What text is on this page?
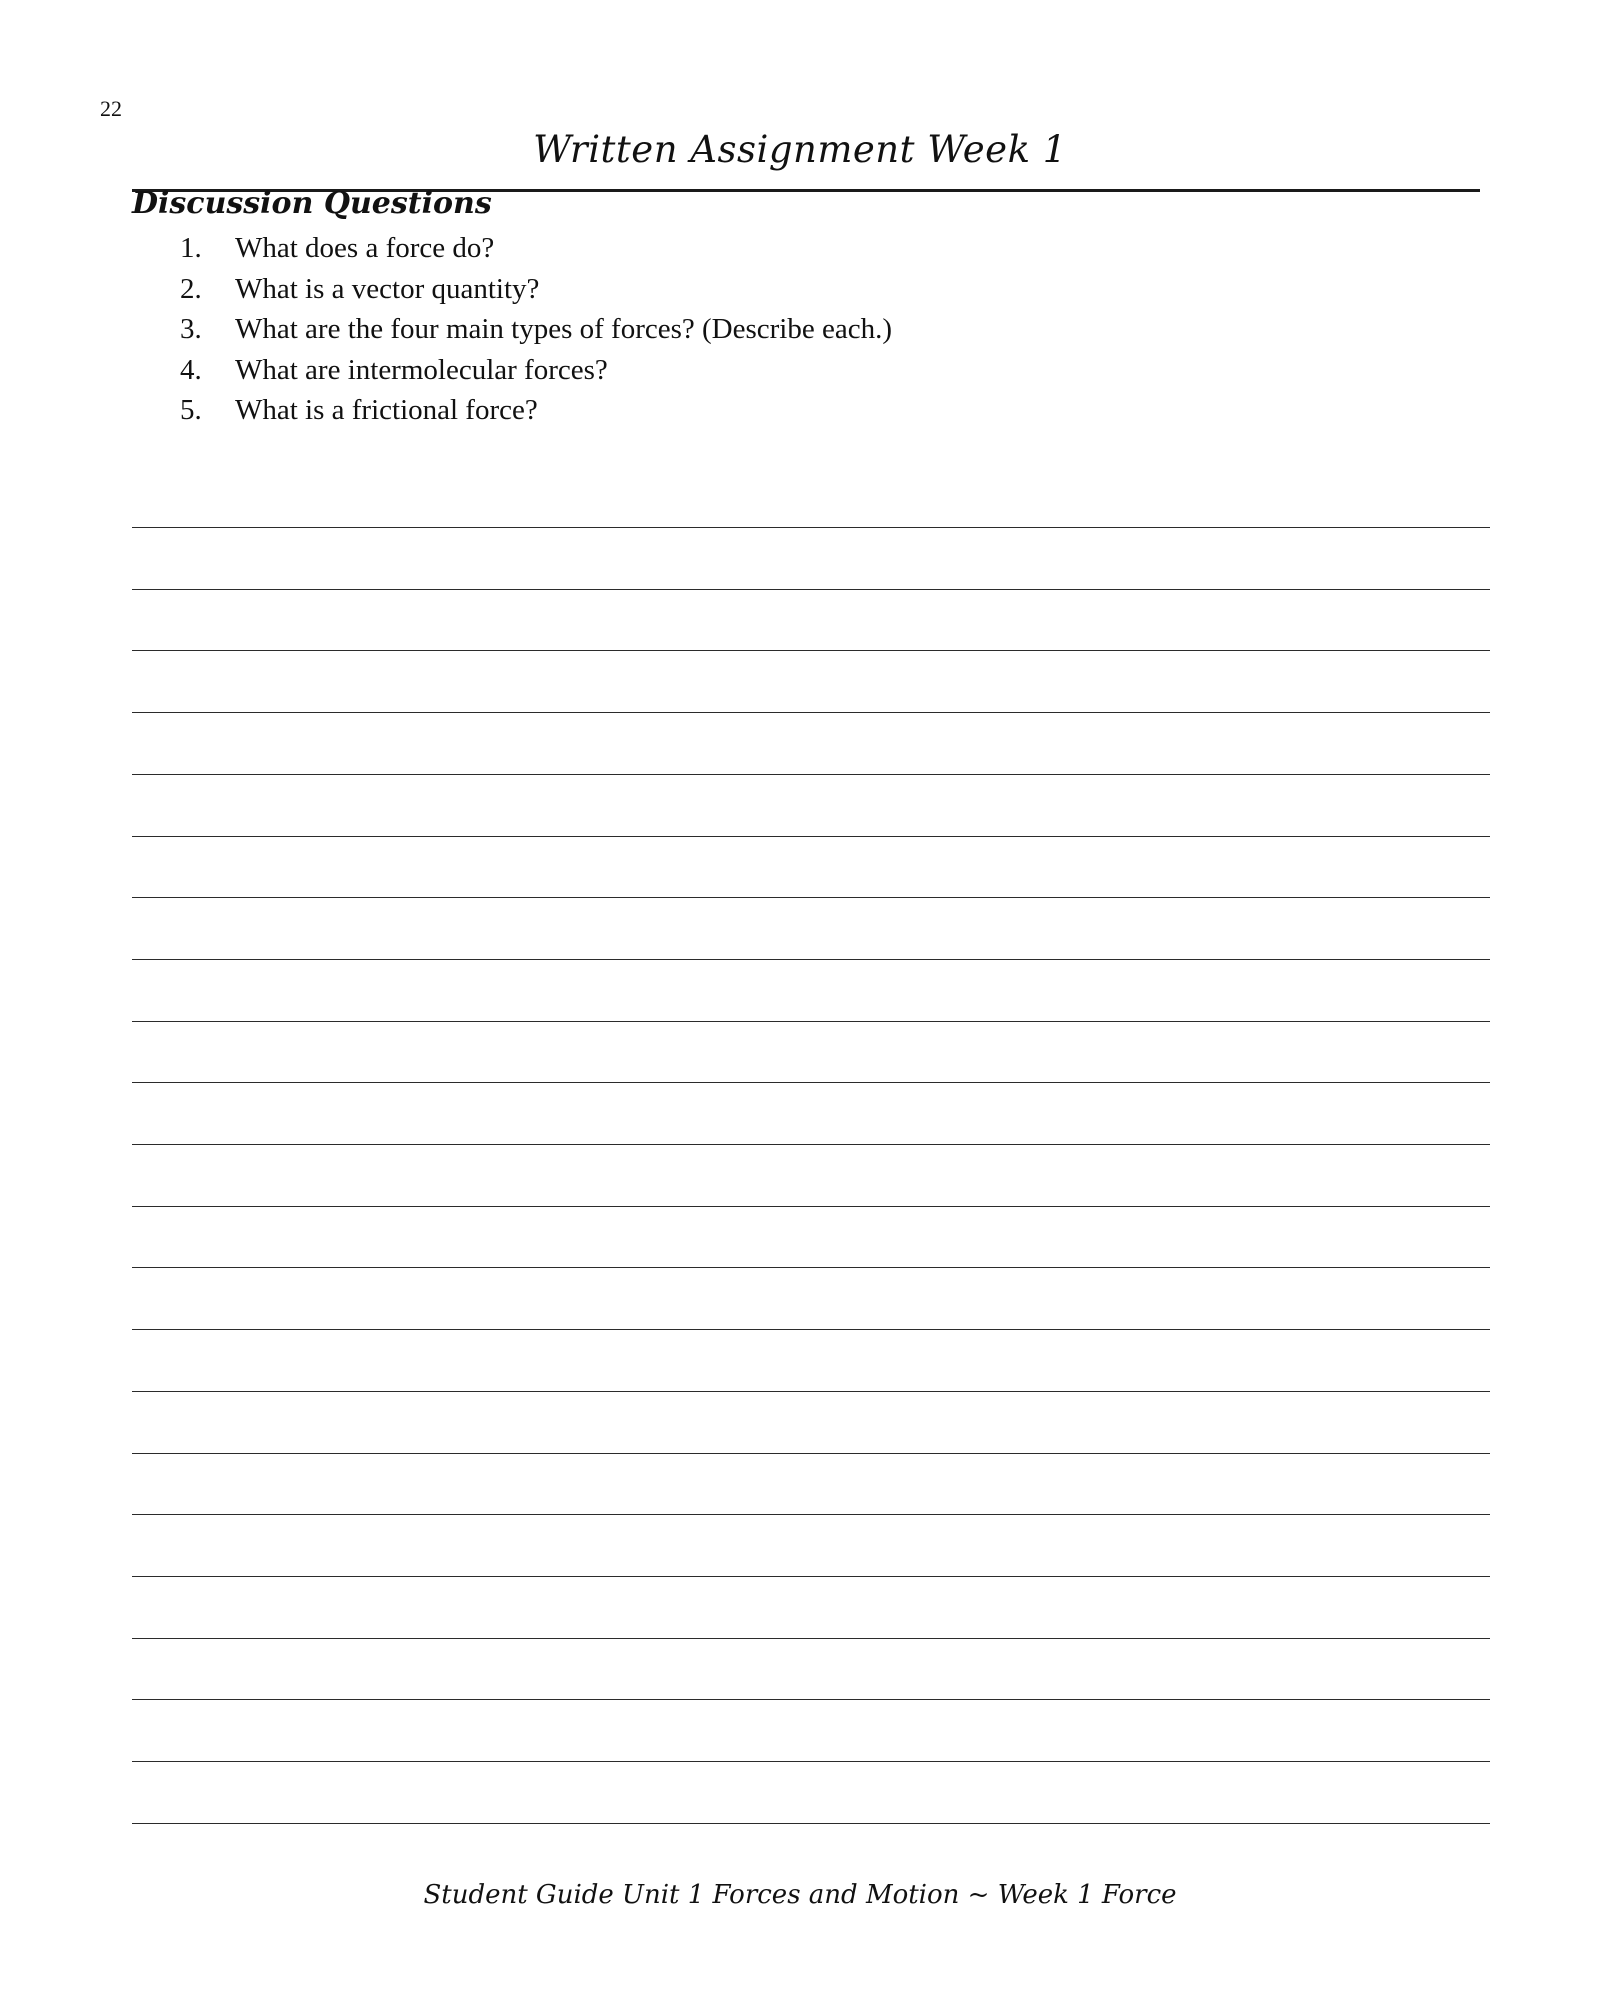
22
Written Assignment Week 1
Discussion Questions
1. What does a force do?
2. What is a vector quantity?
3. What are the four main types of forces? (Describe each.)
4. What are intermolecular forces?
5. What is a frictional force?
Student Guide Unit 1 Forces and Motion ~ Week 1 Force
